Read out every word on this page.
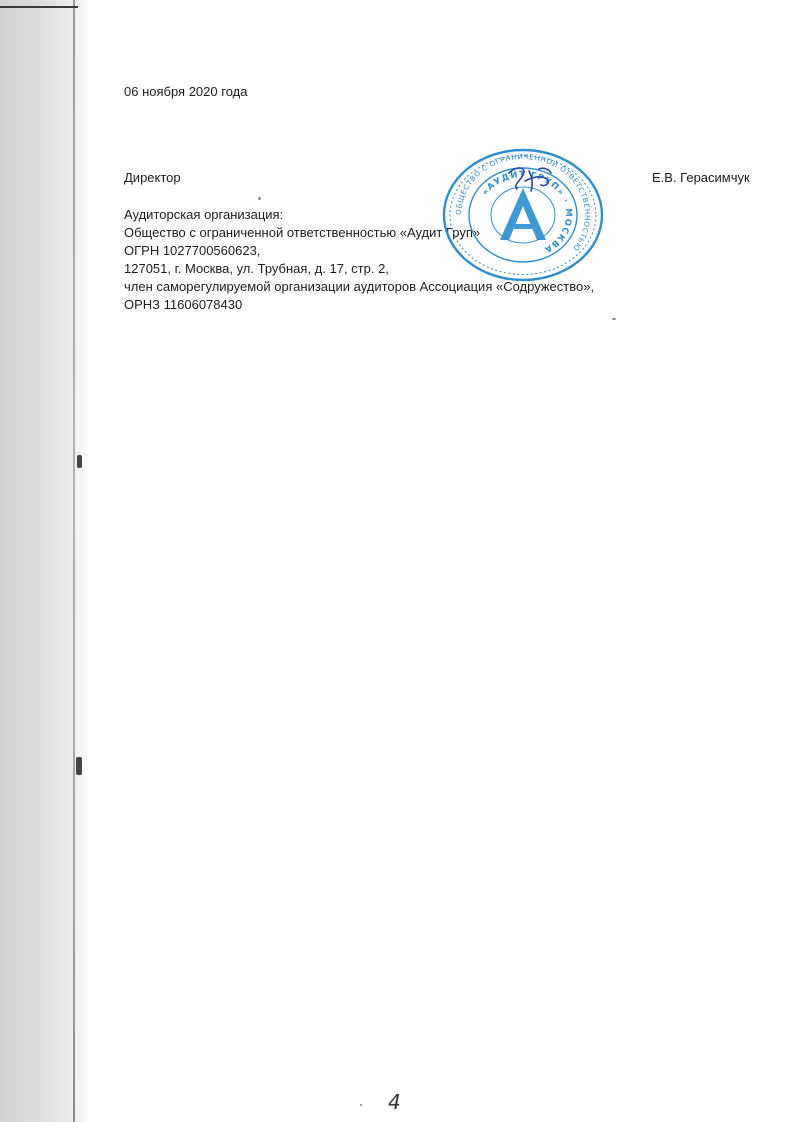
06 ноября 2020 года
Директор	Е.В. Герасимчук
Аудиторская организация:
Общество с ограниченной ответственностью «Аудит Груп»
ОГРН 1027700560623,
127051, г. Москва, ул. Трубная, д. 17, стр. 2,
член саморегулируемой организации аудиторов Ассоциация «Содружество»,
ОРНЗ 11606078430
ОБЩЕСТВО С ОГРАНИЧЕННОЙ ОТВЕТСТВЕННОСТЬЮ
«АУДИТ ГРУП» · МОСКВА
4
